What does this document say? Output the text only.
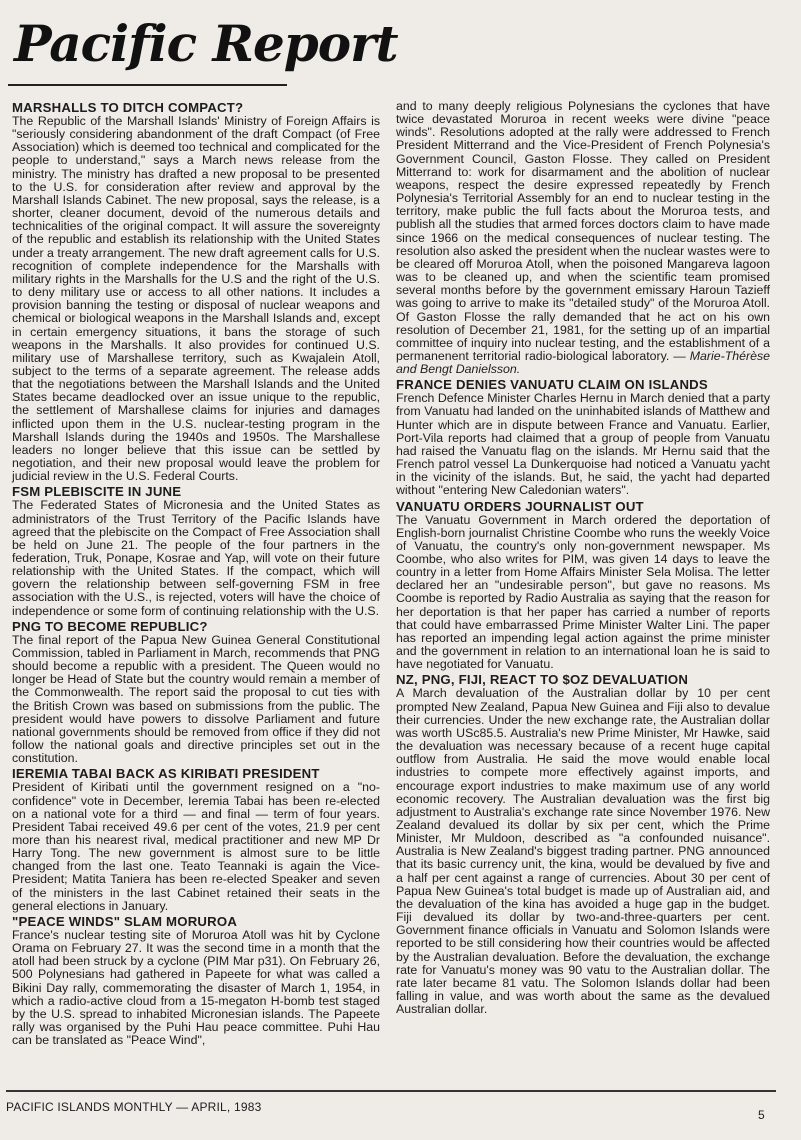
Pacific Report
MARSHALLS TO DITCH COMPACT?

The Republic of the Marshall Islands' Ministry of Foreign Affairs is "seriously considering abandonment of the draft Compact (of Free Association) which is deemed too technical and complicated for the people to understand," says a March news release from the ministry. The ministry has drafted a new proposal to be presented to the U.S. for consideration after review and approval by the Marshall Islands Cabinet. The new proposal, says the release, is a shorter, cleaner document, devoid of the numerous details and technicalities of the original compact. It will assure the sovereignty of the republic and establish its relationship with the United States under a treaty arrangement. The new draft agreement calls for U.S. recognition of complete independence for the Marshalls with military rights in the Marshalls for the U.S and the right of the U.S. to deny military use or access to all other nations. It includes a provision banning the testing or disposal of nuclear weapons and chemical or biological weapons in the Marshall Islands and, except in certain emergency situations, it bans the storage of such weapons in the Marshalls. It also provides for continued U.S. military use of Marshallese territory, such as Kwajalein Atoll, subject to the terms of a separate agreement. The release adds that the negotiations between the Marshall Islands and the United States became deadlocked over an issue unique to the republic, the settlement of Marshallese claims for injuries and damages inflicted upon them in the U.S. nuclear-testing program in the Marshall Islands during the 1940s and 1950s. The Marshallese leaders no longer believe that this issue can be settled by negotiation, and their new proposal would leave the problem for judicial review in the U.S. Federal Courts.

FSM PLEBISCITE IN JUNE

The Federated States of Micronesia and the United States as administrators of the Trust Territory of the Pacific Islands have agreed that the plebiscite on the Compact of Free Association shall be held on June 21. The people of the four partners in the federation, Truk, Ponape, Kosrae and Yap, will vote on their future relationship with the United States. If the compact, which will govern the relationship between self-governing FSM in free association with the U.S., is rejected, voters will have the choice of independence or some form of continuing relationship with the U.S.

PNG TO BECOME REPUBLIC?

The final report of the Papua New Guinea General Constitutional Commission, tabled in Parliament in March, recommends that PNG should become a republic with a president. The Queen would no longer be Head of State but the country would remain a member of the Commonwealth. The report said the proposal to cut ties with the British Crown was based on submissions from the public. The president would have powers to dissolve Parliament and future national governments should be removed from office if they did not follow the national goals and directive principles set out in the constitution.

IEREMIA TABAI BACK AS KIRIBATI PRESIDENT

President of Kiribati until the government resigned on a "no-confidence" vote in December, Ieremia Tabai has been re-elected on a national vote for a third — and final — term of four years. President Tabai received 49.6 per cent of the votes, 21.9 per cent more than his nearest rival, medical practitioner and new MP Dr Harry Tong. The new government is almost sure to be little changed from the last one. Teato Teannaki is again the Vice-President; Matita Taniera has been re-elected Speaker and seven of the ministers in the last Cabinet retained their seats in the general elections in January.

"PEACE WINDS" SLAM MORUROA

France's nuclear testing site of Moruroa Atoll was hit by Cyclone Orama on February 27. It was the second time in a month that the atoll had been struck by a cyclone (PIM Mar p31). On February 26, 500 Polynesians had gathered in Papeete for what was called a Bikini Day rally, commemorating the disaster of March 1, 1954, in which a radio-active cloud from a 15-megaton H-bomb test staged by the U.S. spread to inhabited Micronesian islands. The Papeete rally was organised by the Puhi Hau peace committee. Puhi Hau can be translated as "Peace Wind",

and to many deeply religious Polynesians the cyclones that have twice devastated Moruroa in recent weeks were divine "peace winds". Resolutions adopted at the rally were addressed to French President Mitterrand and the Vice-President of French Polynesia's Government Council, Gaston Flosse. They called on President Mitterrand to: work for disarmament and the abolition of nuclear weapons, respect the desire expressed repeatedly by French Polynesia's Territorial Assembly for an end to nuclear testing in the territory, make public the full facts about the Moruroa tests, and publish all the studies that armed forces doctors claim to have made since 1966 on the medical consequences of nuclear testing. The resolution also asked the president when the nuclear wastes were to be cleared off Moruroa Atoll, when the poisoned Mangareva lagoon was to be cleaned up, and when the scientific team promised several months before by the government emissary Haroun Tazieff was going to arrive to make its "detailed study" of the Moruroa Atoll. Of Gaston Flosse the rally demanded that he act on his own resolution of December 21, 1981, for the setting up of an impartial committee of inquiry into nuclear testing, and the establishment of a permanenent territorial radio-biological laboratory. — Marie-Thérèse and Bengt Danielsson.

FRANCE DENIES VANUATU CLAIM ON ISLANDS

French Defence Minister Charles Hernu in March denied that a party from Vanuatu had landed on the uninhabited islands of Matthew and Hunter which are in dispute between France and Vanuatu. Earlier, Port-Vila reports had claimed that a group of people from Vanuatu had raised the Vanuatu flag on the islands. Mr Hernu said that the French patrol vessel La Dunkerquoise had noticed a Vanuatu yacht in the vicinity of the islands. But, he said, the yacht had departed without "entering New Caledonian waters".

VANUATU ORDERS JOURNALIST OUT

The Vanuatu Government in March ordered the deportation of English-born journalist Christine Coombe who runs the weekly Voice of Vanuatu, the country's only non-government newspaper. Ms Coombe, who also writes for PIM, was given 14 days to leave the country in a letter from Home Affairs Minister Sela Molisa. The letter declared her an "undesirable person", but gave no reasons. Ms Coombe is reported by Radio Australia as saying that the reason for her deportation is that her paper has carried a number of reports that could have embarrassed Prime Minister Walter Lini. The paper has reported an impending legal action against the prime minister and the government in relation to an international loan he is said to have negotiated for Vanuatu.

NZ, PNG, FIJI, REACT TO $OZ DEVALUATION

A March devaluation of the Australian dollar by 10 per cent prompted New Zealand, Papua New Guinea and Fiji also to devalue their currencies. Under the new exchange rate, the Australian dollar was worth USc85.5. Australia's new Prime Minister, Mr Hawke, said the devaluation was necessary because of a recent huge capital outflow from Australia. He said the move would enable local industries to compete more effectively against imports, and encourage export industries to make maximum use of any world economic recovery. The Australian devaluation was the first big adjustment to Australia's exchange rate since November 1976. New Zealand devalued its dollar by six per cent, which the Prime Minister, Mr Muldoon, described as "a confounded nuisance". Australia is New Zealand's biggest trading partner. PNG announced that its basic currency unit, the kina, would be devalued by five and a half per cent against a range of currencies. About 30 per cent of Papua New Guinea's total budget is made up of Australian aid, and the devaluation of the kina has avoided a huge gap in the budget. Fiji devalued its dollar by two-and-three-quarters per cent. Government finance officials in Vanuatu and Solomon Islands were reported to be still considering how their countries would be affected by the Australian devaluation. Before the devaluation, the exchange rate for Vanuatu's money was 90 vatu to the Australian dollar. The rate later became 81 vatu. The Solomon Islands dollar had been falling in value, and was worth about the same as the devalued Australian dollar.

PACIFIC ISLANDS MONTHLY — APRIL, 1983
5
